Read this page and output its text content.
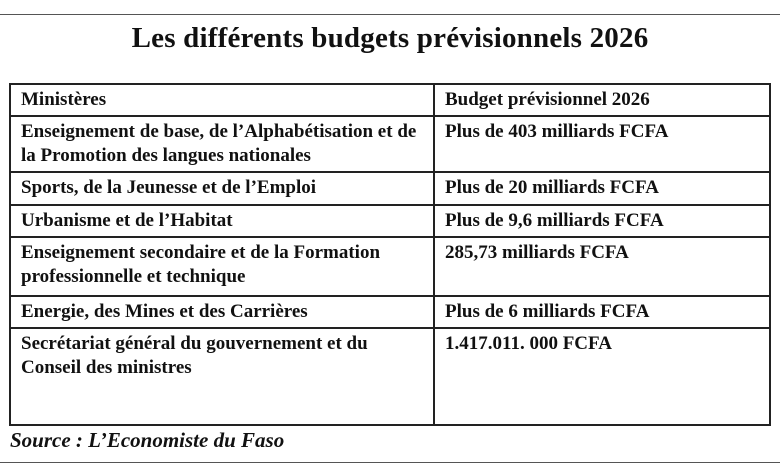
Les différents budgets prévisionnels 2026
Ministères	Budget prévisionnel 2026
Enseignement de base, de l’Alphabétisation et de la Promotion des langues nationales	Plus de 403 milliards FCFA
Sports, de la Jeunesse et de l’Emploi	Plus de 20 milliards FCFA
Urbanisme et de l’Habitat	Plus de 9,6 milliards FCFA
Enseignement secondaire et de la Formation professionnelle et technique	285,73 milliards FCFA
Energie, des Mines et des Carrières	Plus de 6 milliards FCFA
Secrétariat général du gouvernement et du Conseil des ministres	1.417.011. 000 FCFA
Source : L’Economiste du Faso
